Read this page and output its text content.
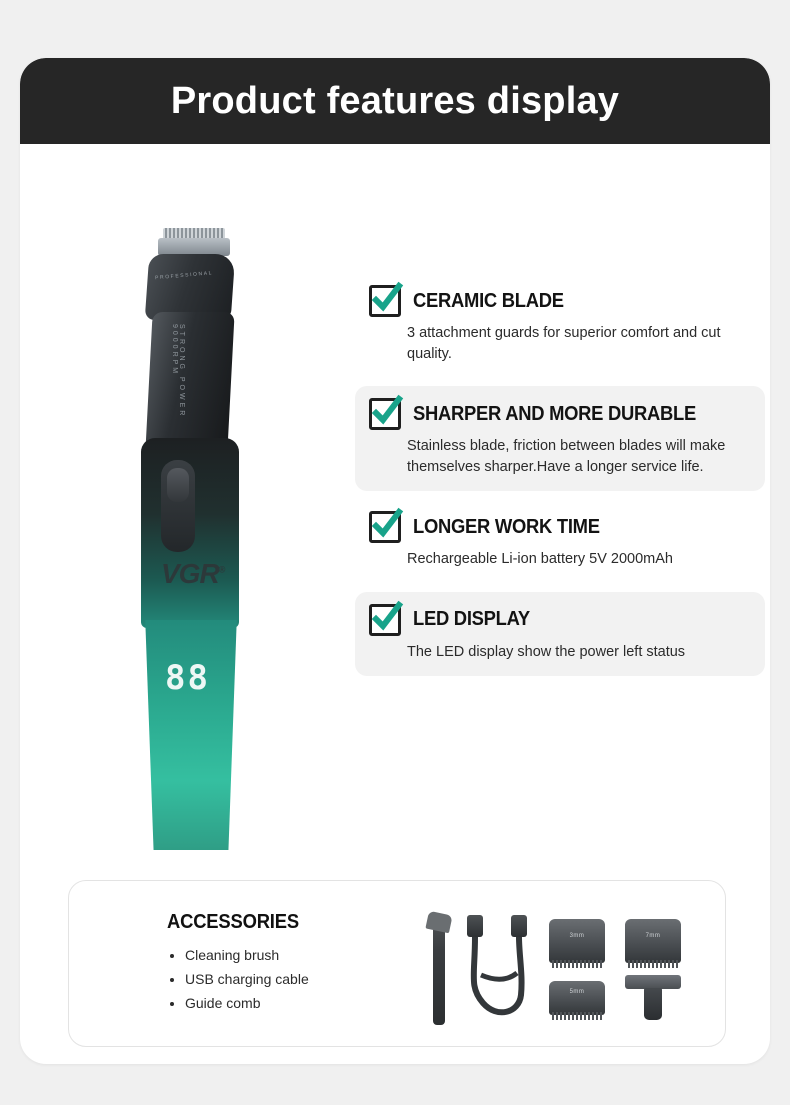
Product features display
PROFESSIONAL
STRONG POWER 9000RPM
VGR®
88
CERAMIC BLADE
3 attachment guards for superior comfort and cut quality.
SHARPER AND MORE DURABLE
Stainless blade, friction between blades will make themselves sharper.Have a longer service life.
LONGER WORK TIME
Rechargeable Li-ion battery 5V 2000mAh
LED DISPLAY
The LED display show the power left status
ACCESSORIES
• Cleaning brush
• USB charging cable
• Guide comb
3mm	7mm
5mm
